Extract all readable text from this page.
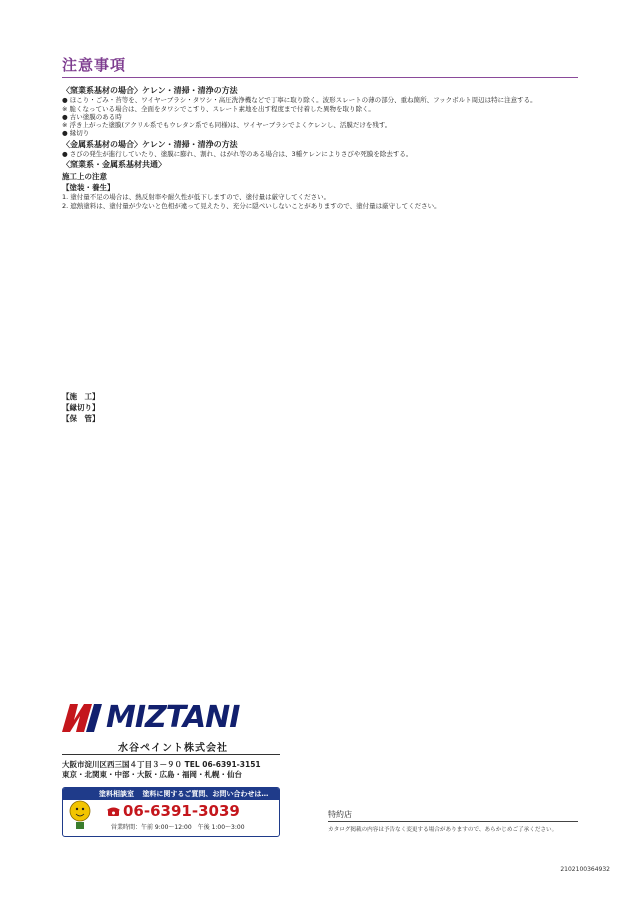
注意事項
〈窯業系基材の場合〉ケレン・清掃・清浄の方法
● ほこり・ごみ・苔等を、ワイヤーブラシ・タワシ・高圧洗浄機などで丁寧に取り除く。波形スレートの薄の部分、重ね箇所、フックボルト周辺は特に注意する。
※ 脆くなっている場合は、全面をタワシでこすり、スレート素地を出す程度まで付着した異物を取り除く。
● 古い塗膜のある時
※ 浮き上がった塗膜(アクリル系でもウレタン系でも同様)は、ワイヤーブラシでよくケレンし、活膜だけを残す。
● 縁切り
〈金属系基材の場合〉ケレン・清掃・清浄の方法
● さびの発生が進行していたり、塗膜に膨れ、割れ、はがれ等のある場合は、3種ケレンによりさびや死膜を除去する。
〈窯業系・金属系基材共通〉
施工上の注意
【塗装・養生】
1. 塗付量不足の場合は、熱反射率や耐久性が低下しますので、塗付量は厳守してください。
2. 遮熱塗料は、塗付量が少ないと色相が違って見えたり、充分に隠ぺいしないことがありますので、塗付量は厳守してください。
【施　工】
【縁切り】
【保　管】
MIZTANI
水谷ペイント株式会社
大阪市淀川区西三国４丁目３－９０ TEL 06-6391-3151
東京・北関東・中部・大阪・広島・福岡・札幌・仙台
塗料相談室 塗料に関するご質問、お問い合わせは…
06-6391-3039
営業時間：午前 9:00〜12:00　午後 1:00〜3:00
特約店
カタログ掲載の内容は予告なく変更する場合がありますので、あらかじめご了承ください。
2102100364932
